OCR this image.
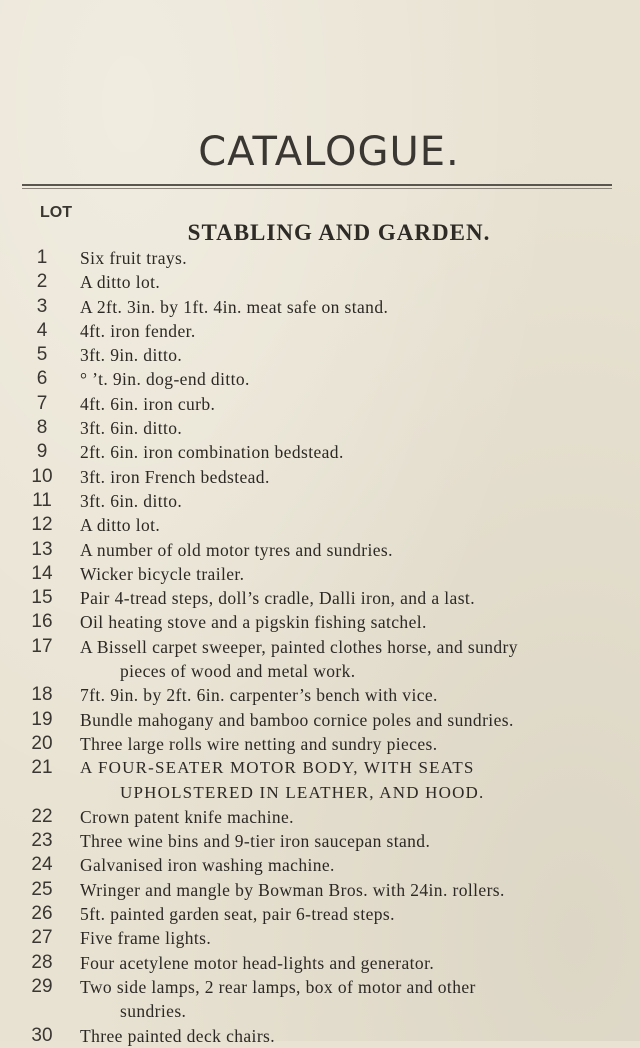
CATALOGUE.
LOT
STABLING AND GARDEN.
1	Six fruit trays.
2	A ditto lot.
3	A 2ft. 3in. by 1ft. 4in. meat safe on stand.
4	4ft. iron fender.
5	3ft. 9in. ditto.
6	° ’t. 9in. dog-end ditto.
7	4ft. 6in. iron curb.
8	3ft. 6in. ditto.
9	2ft. 6in. iron combination bedstead.
10	3ft. iron French bedstead.
11	3ft. 6in. ditto.
12	A ditto lot.
13	A number of old motor tyres and sundries.
14	Wicker bicycle trailer.
15	Pair 4-tread steps, doll’s cradle, Dalli iron, and a last.
16	Oil heating stove and a pigskin fishing satchel.
17	A Bissell carpet sweeper, painted clothes horse, and sundry
pieces of wood and metal work.
18	7ft. 9in. by 2ft. 6in. carpenter’s bench with vice.
19	Bundle mahogany and bamboo cornice poles and sundries.
20	Three large rolls wire netting and sundry pieces.
21	A FOUR-SEATER MOTOR BODY, WITH SEATS
UPHOLSTERED IN LEATHER, AND HOOD.
22	Crown patent knife machine.
23	Three wine bins and 9-tier iron saucepan stand.
24	Galvanised iron washing machine.
25	Wringer and mangle by Bowman Bros. with 24in. rollers.
26	5ft. painted garden seat, pair 6-tread steps.
27	Five frame lights.
28	Four acetylene motor head-lights and generator.
29	Two side lamps, 2 rear lamps, box of motor and other
sundries.
30	Three painted deck chairs.
